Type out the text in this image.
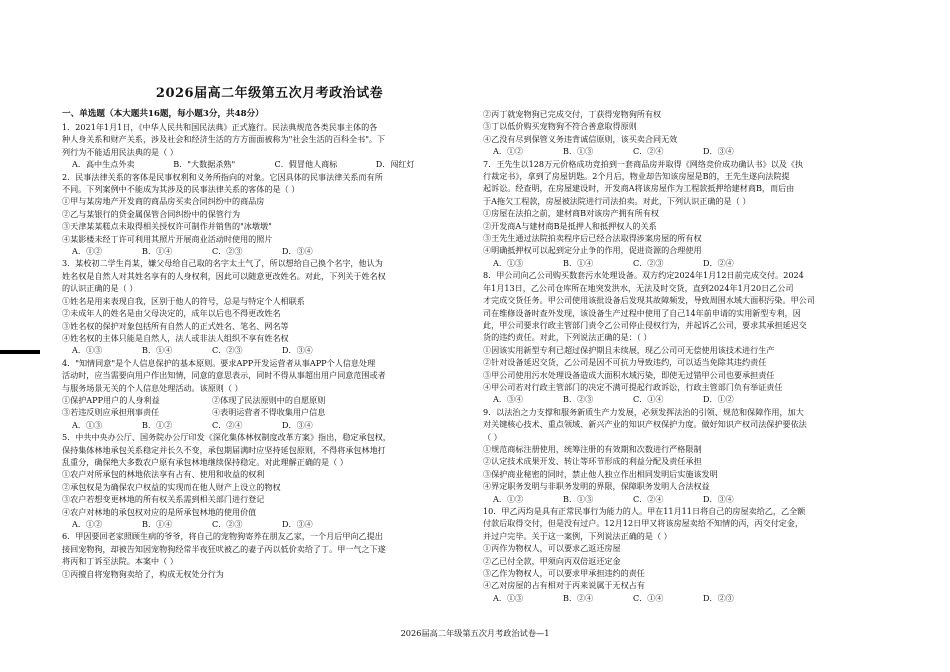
2026届高二年级第五次月考政治试卷
一、单选题（本大题共16题，每小题3分，共48分）

1．2021年1月1日，《中华人民共和国民法典》正式施行。民法典规范各类民事主体的各

种人身关系和财产关系，涉及社会和经济生活的方方面面被称为"社会生活的百科全书"。下

列行为不能适用民法典的是（ ）

A．高中生点外卖	B．"大数据杀熟"	C．假冒他人商标	D．闯红灯

2．民事法律关系的客体是民事权利和义务所指向的对象。它因具体的民事法律关系而有所

不同。下列案例中不能成为其涉及的民事法律关系的客体的是（ ）

①甲与某房地产开发商的商品房买卖合同纠纷中的商品房

②乙与某银行的贷金属保管合同纠纷中的保管行为

③天津某某糕点未取得相关授权许可制作并销售的"冰墩墩"

④某影楼未经丁许可利用其照片开展商业活动时使用的照片

A．①②	B．①④	C．②③	D．③④

3．某校初二学生肖某，嫌父母给自己取的名字太土气了，所以想给自己换个名字，他认为

姓名权是自然人对其姓名享有的人身权利，因此可以随意更改姓名。对此，下列关于姓名权

的认识正确的是（ ）

①姓名是用来表现自我，区别于他人的符号，总是与特定个人相联系

②未成年人的姓名是由父母决定的，成年以后也不得更改姓名

③姓名权的保护对象包括所有自然人的正式姓名、笔名、网名等

④姓名权的主体只能是自然人，法人或非法人组织不享有姓名权

A．①③	B．①④	C．②③	D．③④

4．"知情同意"是个人信息保护的基本原则。要求APP开发运营者从事APP个人信息处理

活动时，应当需要向用户作出知情，同意的意思表示，同时不得从事超出用户同意范围或者

与服务场景无关的个人信息处理活动。该原则（ ）

①保护APP用户的人身利益	②体现了民法原则中的自愿原则
③若违反则应承担刑事责任	④表明运营者不得收集用户信息
A．①③	B．①②	C．②④	D．③④

5．中共中央办公厅、国务院办公厅印发《深化集体林权制度改革方案》指出，稳定承包权，

保持集体林地承包关系稳定并长久不变，承包期届满时应坚持延包原则，不得将承包林地打

乱重分，确保绝大多数农户原有承包林地继续保持稳定。对此理解正确的是（ ）

①农户对所承包的林地依法享有占有、使用和收益的权利

②承包权是为确保农户权益的实现而在他人财产上设立的物权

③农户若想变更林地的所有权关系需到相关部门进行登记

④农户对林地的承包权对应的是所承包林地的使用价值

A．①②	B．①④	C．②③	D．③④

6．甲因要回老家照顾生病的爷爷，将自己的宠物狗寄养在朋友乙家，一个月后甲向乙提出

接回宠物狗，却被告知因宠物狗经常半夜狂吠被乙的妻子丙以低价卖给了丁。甲一气之下遂

将丙和丁诉至法院。本案中（ ）

①丙擅自将宠物狗卖给了，构成无权处分行为

②丙丁就宠物狗已完成交付，丁获得宠物狗所有权

③丁以低价购买宠物狗不符合善意取得原则

④乙没有尽到保管义务违背诚信原则，该买卖合同无效

A．①②	B．①③	C．②④	D．③④

7．王先生以128万元价格成功竞拍到一套商品房并取得《网络竞价成功确认书》以及《执

行裁定书》，拿到了房屋钥匙。2个月后，物业却告知该房屋是B的，王先生遂向法院提

起诉讼。经查明，在房屋建设时，开发商A将该房屋作为工程款抵押给建材商B，而后由

于A拖欠工程款，房屋被法院进行司法拍卖。对此，下列认识正确的是（ ）

①房屋在法拍之前，建材商B对该房产拥有所有权

②开发商A与建材商B是抵押人和抵押权人的关系

③王先生通过法院拍卖程序后已经合法取得涉案房屋的所有权

④明确抵押权可以起到定分止争的作用，促进资源的合理使用

A．①③	B．①④	C．②③	D．②④

8．甲公司向乙公司购买数套污水处理设备。双方约定2024年1月12日前完成交付。2024

年1月13日，乙公司仓库所在地突发洪水，无法及时交货，直到2024年1月20日乙公司

才完成交货任务。甲公司使用该批设备后发现其故障频发，导致周围水域大面积污染。甲公司

司在维修设备时查外发现，该设备生产过程中使用了自己14年前申请的实用新型专利，因

此，甲公司要求行政主管部门责令乙公司停止侵权行为，并起诉乙公司，要求其承担延迟交

货的违约责任。对此，下列说法正确的是：（ ）

①因该实用新型专利已超过保护期且未续展，现乙公司可无偿使用该技术进行生产

②针对设备延迟交货，乙公司是因不可抗力导致违约，可以适当免除其违约责任

③甲公司使用污水处理设备造成大面积水域污染，即使无过错甲公司也要承担责任

④甲公司若对行政主管部门的决定不满可提起行政诉讼，行政主管部门负有举证责任

A．③④	B．②③	C．①④	D．①②

9．以法治之力支撑和服务新质生产力发展，必须发挥法治的引领、规范和保障作用，加大

对关键核心技术、重点领域、新兴产业的知识产权保护力度。做好知识产权司法保护要依法

（ ）

①规范商标注册使用，统筹注册的有效期和次数进行严格限制

②认定技术成果开发、转让等环节形成的利益分配及责任承担

③保护商业秘密的同时，禁止他人独立作出相同发明后实施该发明

④界定职务发明与非职务发明的界限，保障职务发明人合法权益

A．①②	B．①③	C．②④	D．③④

10．甲乙丙均是具有正常民事行为能力的人。甲在11月11日将自己的房屋卖给乙，乙全额

付款后取得交付，但是没有过户。12月12日甲又将该房屋卖给不知情的丙，丙交付定金，

并过户完毕。关于这一案例，下列说法正确的是（ ）

①丙作为物权人，可以要求乙返还房屋

②乙已付全款，甲须向丙双倍返还定金

③乙作为物权人，可以要求甲承担违约的责任

④乙对房屋的占有相对于丙来说属于无权占有

A．①③	B．②④	C．①④	D．②③
2026届高二年级第五次月考政治试卷—1
